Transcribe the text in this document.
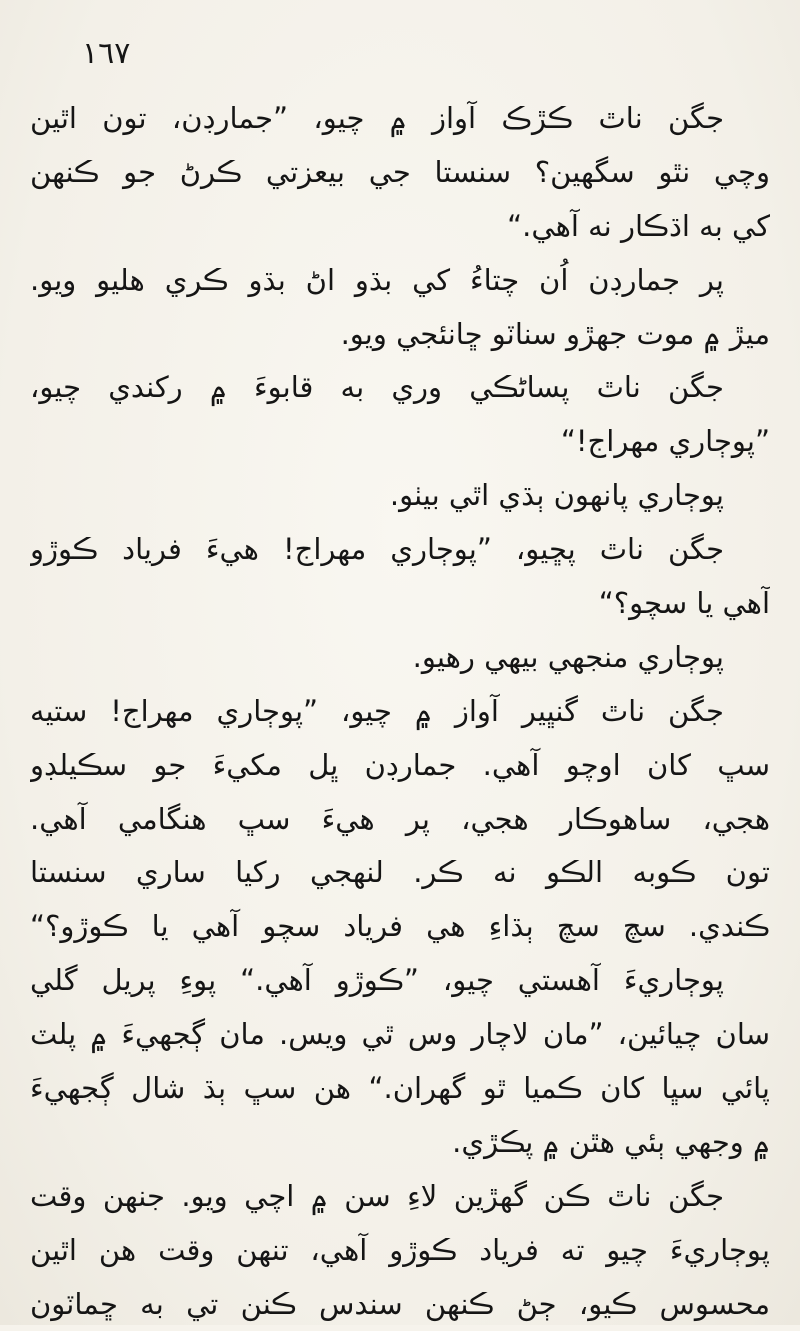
١٦٧
جگن ناٿ ڪڙڪ آواز ۾ چيو، ”جمارڊن، تون اٿين
وچي نٿو سگهين؟ سنستا جي بيعزتي ڪرڻ جو ڪنهن
کي به اڌڪار نه آهي.“
پر جمارڊن اُن چتاءُ کي بڌو اڻ بڌو ڪري هليو ويو.
ميڙ ۾ موت جهڙو سناٽو ڇانئجي ويو.
جگن ناٿ پساڻڪي وري به قابوءَ ۾ رکندي چيو،
”پوڄاري مهراج!“
پوڄاري پانهون ٻڌي اٿي بيٺو.
جگن ناٿ پڇيو، ”پوڄاري مهراج! هيءَ فرياد ڪوڙو
آهي يا سچو؟“
پوڄاري منجهي بيهي رهيو.
جگن ناٿ گنڀير آواز ۾ چيو، ”پوڄاري مهراج! ستيه
سڀ کان اوچو آهي. جمارڊن ڀل مکيءَ جو سڪيلڊو
هجي، ساهوڪار هجي، پر هيءَ سڀ هنگامي آهي.
تون ڪوبه الڪو نه ڪر. لنهجي رکيا ساري سنستا
ڪندي. سچ سچ ٻڌاءِ هي فرياد سچو آهي يا ڪوڙو؟“
پوڄاريءَ آهستي چيو، ”ڪوڙو آهي.“ پوءِ پريل گلي
سان چيائين، ”مان لاچار وس ٿي ويس. مان ڳجهيءَ ۾ پلٽ
پائي سڀا کان ڪميا ٿو گهران.“ هن سڀ ٻڌ شال ڳجهيءَ
۾ وجهي ٻئي هٿن ۾ پڪڙي.
جگن ناٿ ڪن گهڙين لاءِ سن ۾ اچي ويو. جنهن وقت
پوڄاريءَ چيو ته فرياد ڪوڙو آهي، تنهن وقت هن اٿين
محسوس ڪيو، ڄڻ ڪنهن سندس ڪنن تي به ڇماٽون
